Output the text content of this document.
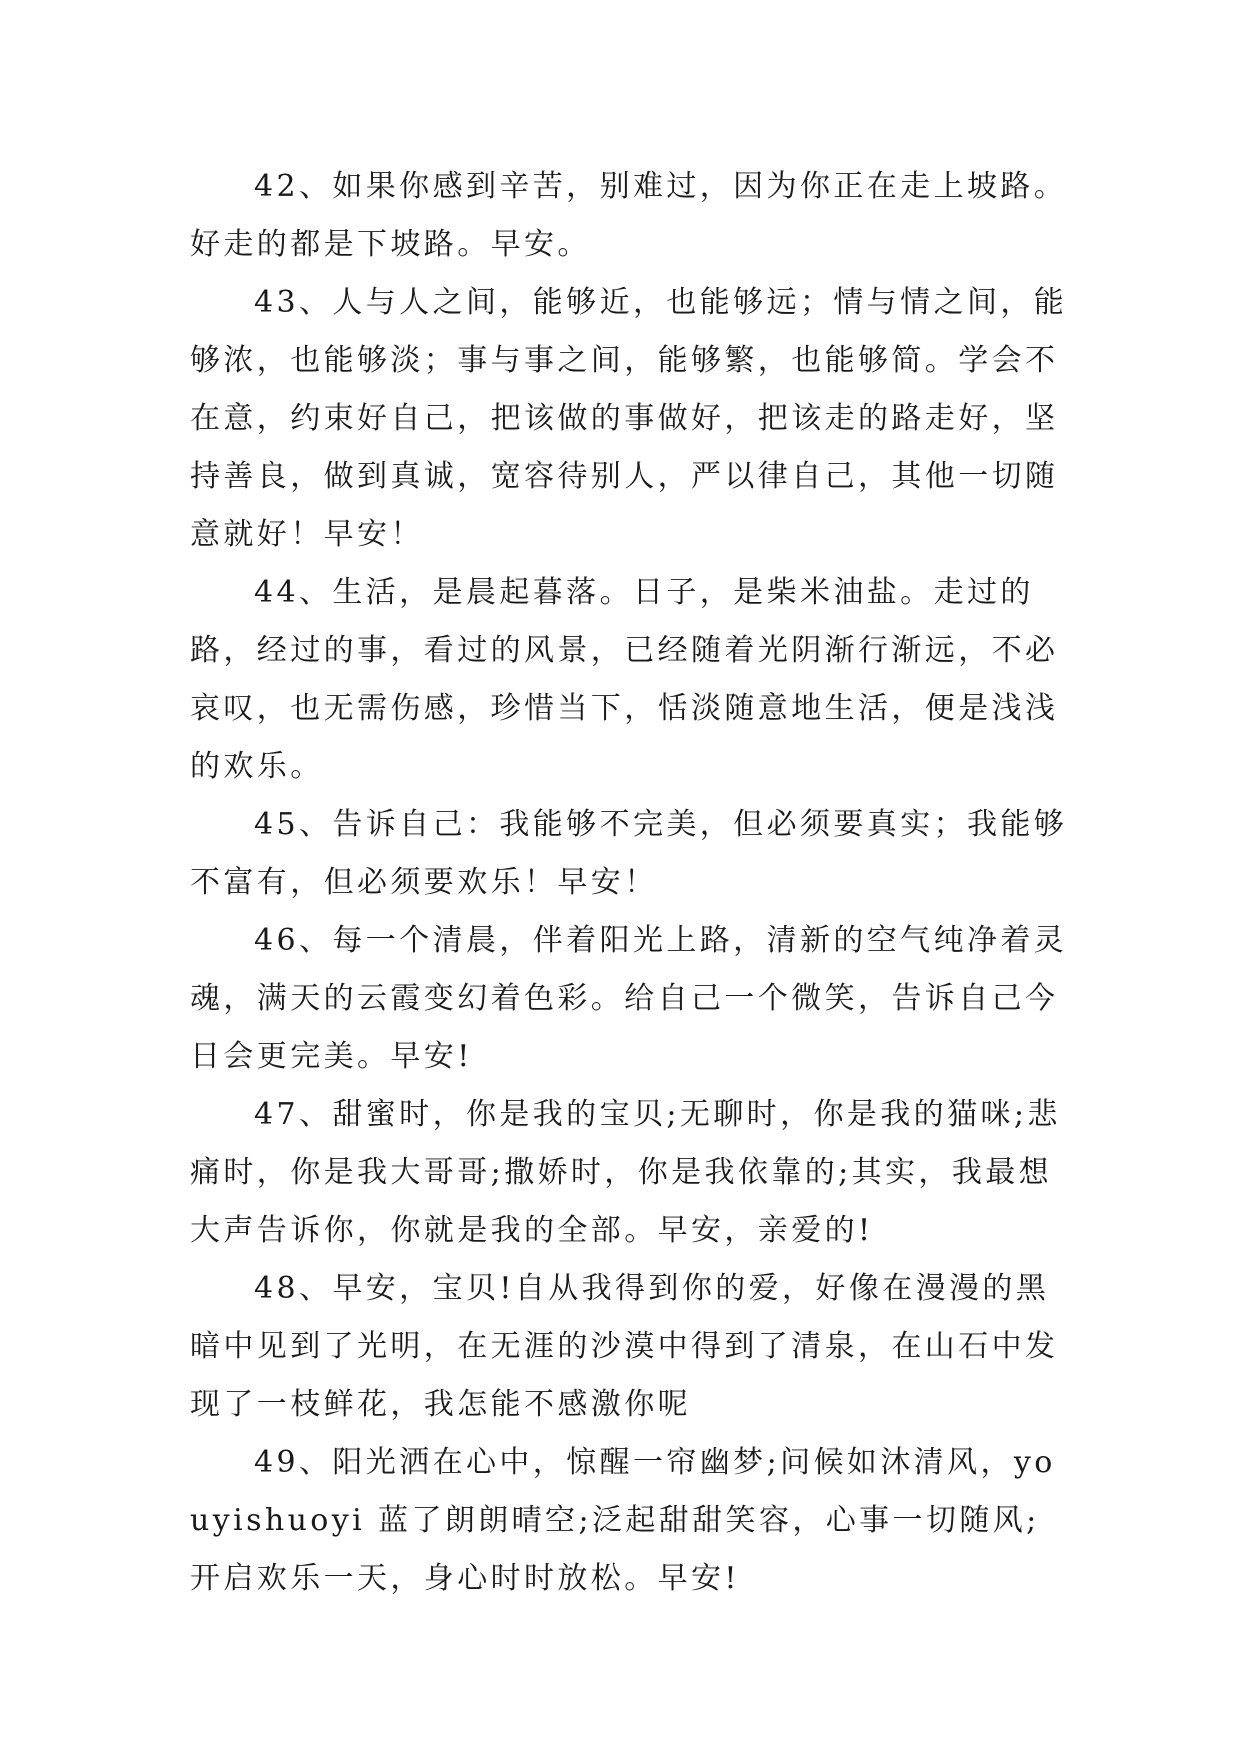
42、如果你感到辛苦，别难过，因为你正在走上坡路。好走的都是下坡路。早安。

43、人与人之间，能够近，也能够远；情与情之间，能够浓，也能够淡；事与事之间，能够繁，也能够简。学会不在意，约束好自己，把该做的事做好，把该走的路走好，坚持善良，做到真诚，宽容待别人，严以律自己，其他一切随意就好！早安！

44、生活，是晨起暮落。日子，是柴米油盐。走过的路，经过的事，看过的风景，已经随着光阴渐行渐远，不必哀叹，也无需伤感，珍惜当下，恬淡随意地生活，便是浅浅的欢乐。

45、告诉自己：我能够不完美，但必须要真实；我能够不富有，但必须要欢乐！早安！

46、每一个清晨，伴着阳光上路，清新的空气纯净着灵魂，满天的云霞变幻着色彩。给自己一个微笑，告诉自己今日会更完美。早安!

47、甜蜜时，你是我的宝贝;无聊时，你是我的猫咪;悲痛时，你是我大哥哥;撒娇时，你是我依靠的;其实，我最想大声告诉你，你就是我的全部。早安，亲爱的!

48、早安，宝贝!自从我得到你的爱，好像在漫漫的黑暗中见到了光明，在无涯的沙漠中得到了清泉，在山石中发现了一枝鲜花，我怎能不感激你呢

49、阳光洒在心中，惊醒一帘幽梦;问候如沐清风，youyishuoyi 蓝了朗朗晴空;泛起甜甜笑容，心事一切随风;开启欢乐一天，身心时时放松。早安!
